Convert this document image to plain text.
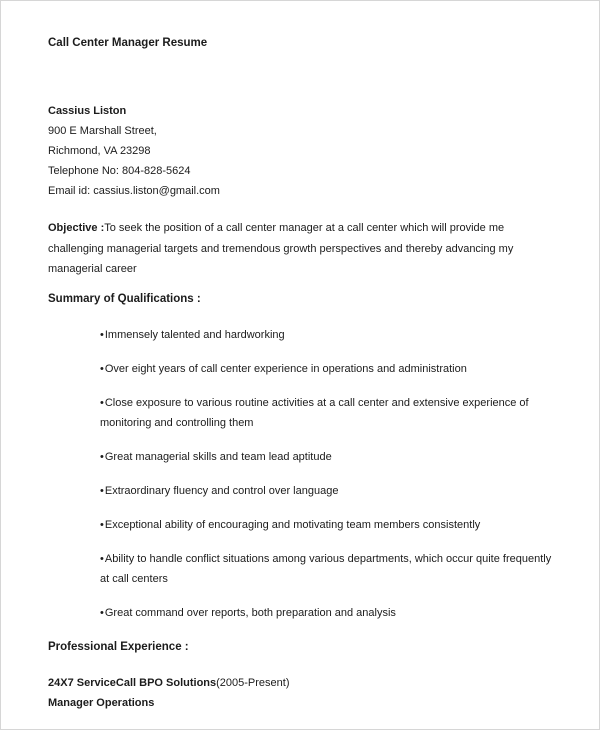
Call Center Manager Resume
Cassius Liston
900 E Marshall Street,
Richmond, VA 23298
Telephone No: 804-828-5624
Email id: cassius.liston@gmail.com

Objective :To seek the position of a call center manager at a call center which will provide me challenging managerial targets and tremendous growth perspectives and thereby advancing my managerial career

Summary of Qualifications :
•Immensely talented and hardworking
•Over eight years of call center experience in operations and administration
•Close exposure to various routine activities at a call center and extensive experience of monitoring and controlling them
•Great managerial skills and team lead aptitude
•Extraordinary fluency and control over language
•Exceptional ability of encouraging and motivating team members consistently
•Ability to handle conflict situations among various departments, which occur quite frequently at call centers
•Great command over reports, both preparation and analysis
Professional Experience :
24X7 ServiceCall BPO Solutions(2005-Present)
Manager Operations
